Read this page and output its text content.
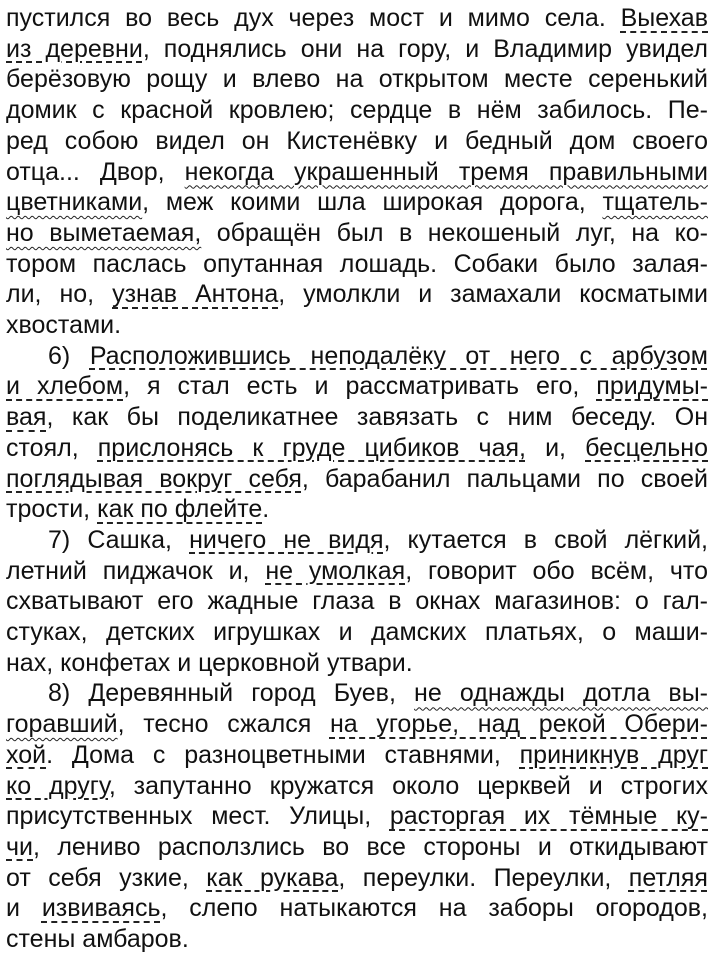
пустился во весь дух через мост и мимо села. Выехав
из деревни, поднялись они на гору, и Владимир увидел
берёзовую рощу и влево на открытом месте серенький
домик с красной кровлею; сердце в нём забилось. Пе-
ред собою видел он Кистенёвку и бедный дом своего
отца... Двор, некогда украшенный тремя правильными
цветниками, меж коими шла широкая дорога, тщатель-
но выметаемая, обращён был в некошеный луг, на ко-
тором паслась опутанная лошадь. Собаки было залая-
ли, но, узнав Антона, умолкли и замахали косматыми
хвостами.
6) Расположившись неподалёку от него с арбузом
и хлебом, я стал есть и рассматривать его, придумы-
вая, как бы поделикатнее завязать с ним беседу. Он
стоял, прислонясь к груде цибиков чая, и, бесцельно
поглядывая вокруг себя, барабанил пальцами по своей
трости, как по флейте.
7) Сашка, ничего не видя, кутается в свой лёгкий,
летний пиджачок и, не умолкая, говорит обо всём, что
схватывают его жадные глаза в окнах магазинов: о гал-
стуках, детских игрушках и дамских платьях, о маши-
нах, конфетах и церковной утвари.
8) Деревянный город Буев, не однажды дотла вы-
горавший, тесно сжался на угорье, над рекой Обери-
хой. Дома с разноцветными ставнями, приникнув друг
ко другу, запутанно кружатся около церквей и строгих
присутственных мест. Улицы, расторгая их тёмные ку-
чи, лениво расползлись во все стороны и откидывают
от себя узкие, как рукава, переулки. Переулки, петляя
и извиваясь, слепо натыкаются на заборы огородов,
стены амбаров.
